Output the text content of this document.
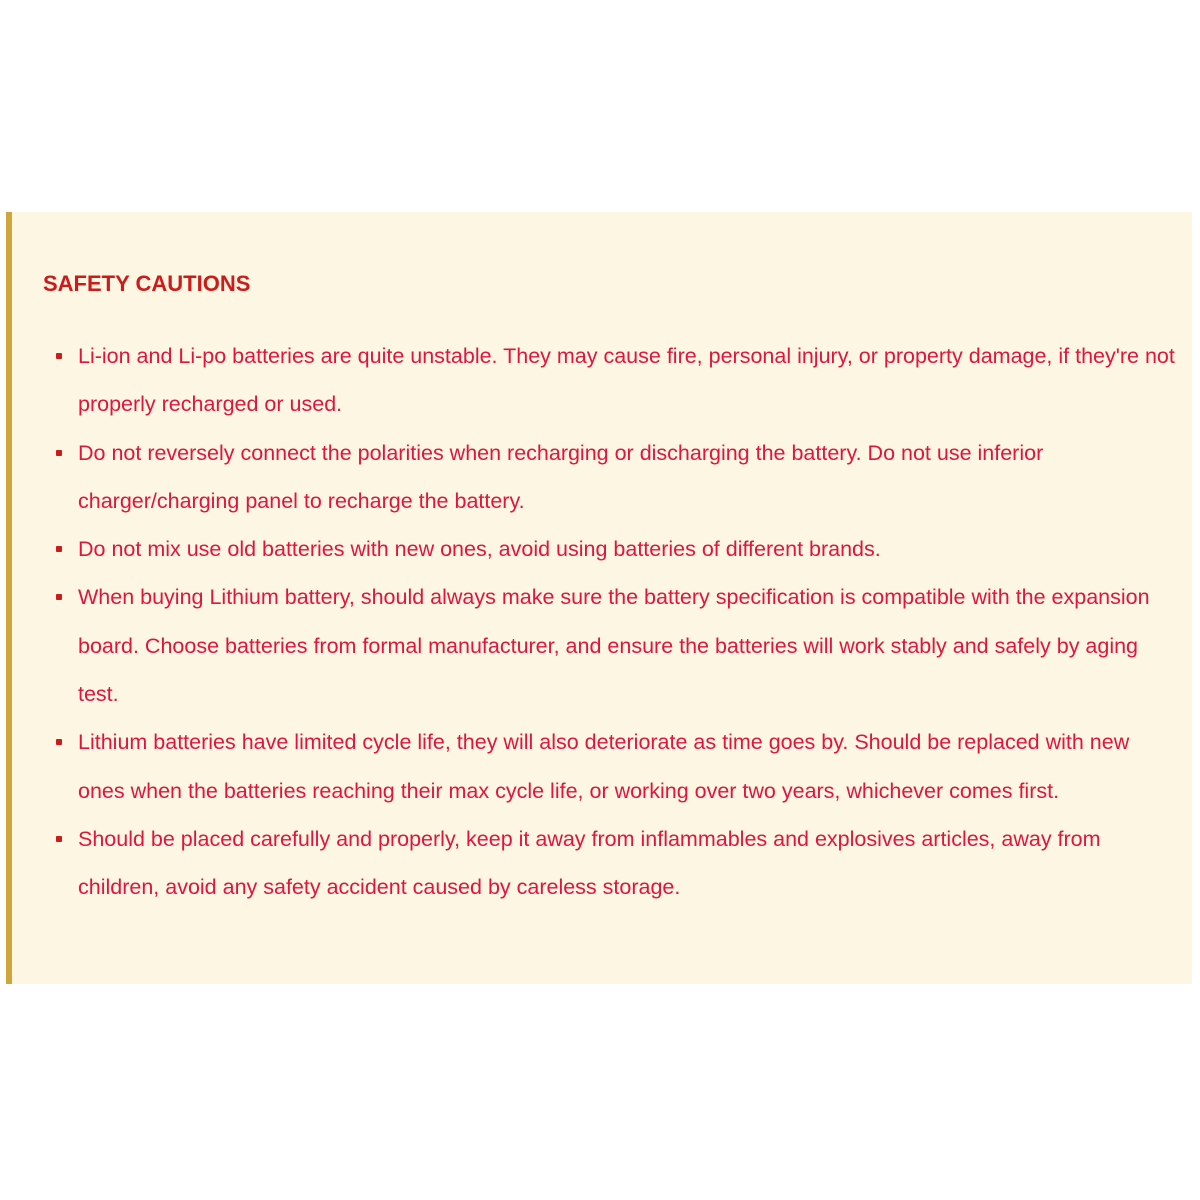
SAFETY CAUTIONS
Li-ion and Li-po batteries are quite unstable. They may cause fire, personal injury, or property damage, if they're not properly recharged or used.
Do not reversely connect the polarities when recharging or discharging the battery. Do not use inferior charger/charging panel to recharge the battery.
Do not mix use old batteries with new ones, avoid using batteries of different brands.
When buying Lithium battery, should always make sure the battery specification is compatible with the expansion board. Choose batteries from formal manufacturer, and ensure the batteries will work stably and safely by aging test.
Lithium batteries have limited cycle life, they will also deteriorate as time goes by. Should be replaced with new ones when the batteries reaching their max cycle life, or working over two years, whichever comes first.
Should be placed carefully and properly, keep it away from inflammables and explosives articles, away from children, avoid any safety accident caused by careless storage.
